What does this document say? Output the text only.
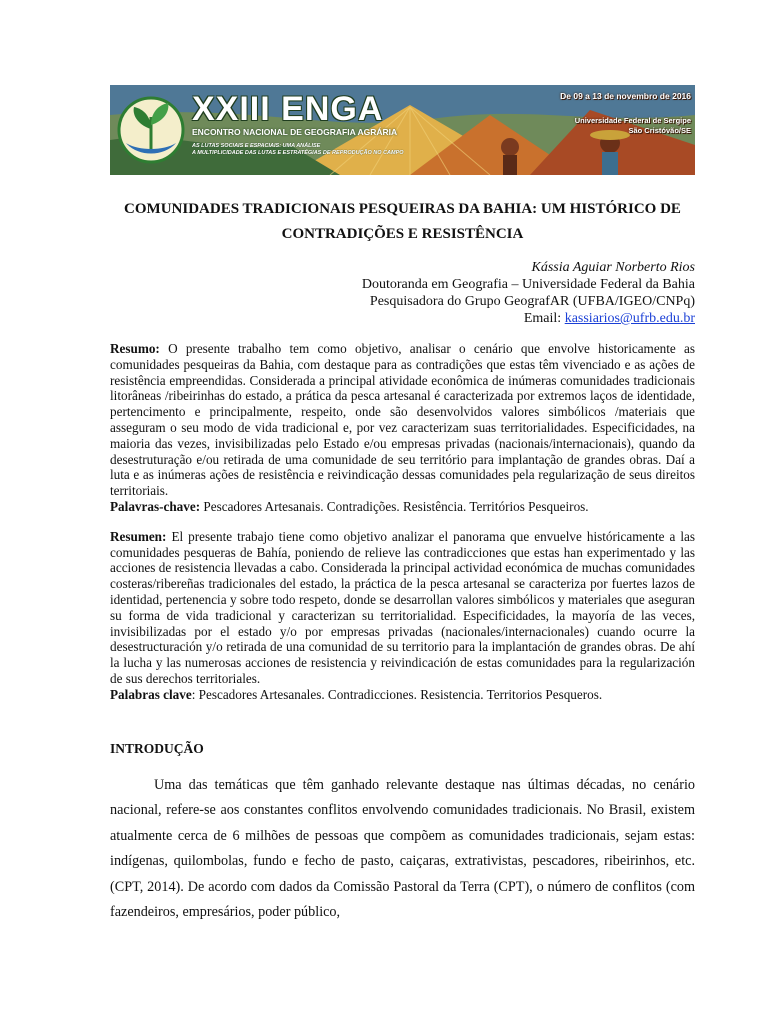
XXIII ENGA
ENCONTRO NACIONAL DE GEOGRAFIA AGRÁRIA
AS LUTAS SOCIAIS E ESPACIAIS: UMA ANÁLISE
A MULTIPLICIDADE DAS LUTAS E ESTRATÉGIAS DE REPRODUÇÃO NO CAMPO
De 09 a 13 de novembro de 2016
Universidade Federal de Sergipe
São Cristóvão/SE
COMUNIDADES TRADICIONAIS PESQUEIRAS DA BAHIA: UM HISTÓRICO DE
CONTRADIÇÕES E RESISTÊNCIA
Kássia Aguiar Norberto Rios
Doutoranda em Geografia – Universidade Federal da Bahia
Pesquisadora do Grupo GeografAR (UFBA/IGEO/CNPq)
Email: kassiarios@ufrb.edu.br

Resumo: O presente trabalho tem como objetivo, analisar o cenário que envolve historicamente as comunidades pesqueiras da Bahia, com destaque para as contradições que estas têm vivenciado e as ações de resistência empreendidas. Considerada a principal atividade econômica de inúmeras comunidades tradicionais litorâneas /ribeirinhas do estado, a prática da pesca artesanal é caracterizada por extremos laços de identidade, pertencimento e principalmente, respeito, onde são desenvolvidos valores simbólicos /materiais que asseguram o seu modo de vida tradicional e, por vez caracterizam suas territorialidades. Especificidades, na maioria das vezes, invisibilizadas pelo Estado e/ou empresas privadas (nacionais/internacionais), quando da desestruturação e/ou retirada de uma comunidade de seu território para implantação de grandes obras. Daí a luta e as inúmeras ações de resistência e reivindicação dessas comunidades pela regularização de seus direitos territoriais.

Palavras-chave: Pescadores Artesanais. Contradições. Resistência. Territórios Pesqueiros.

Resumen: El presente trabajo tiene como objetivo analizar el panorama que envuelve históricamente a las comunidades pesqueras de Bahía, poniendo de relieve las contradicciones que estas han experimentado y las acciones de resistencia llevadas a cabo. Considerada la principal actividad económica de muchas comunidades costeras/ribereñas tradicionales del estado, la práctica de la pesca artesanal se caracteriza por fuertes lazos de identidad, pertenencia y sobre todo respeto, donde se desarrollan valores simbólicos y materiales que aseguran su forma de vida tradicional y caracterizan su territorialidad. Especificidades, la mayoría de las veces, invisibilizadas por el estado y/o por empresas privadas (nacionales/internacionales) cuando ocurre la desestructuración y/o retirada de una comunidad de su territorio para la implantación de grandes obras. De ahí la lucha y las numerosas acciones de resistencia y reivindicación de estas comunidades para la regularización de sus derechos territoriales.

Palabras clave: Pescadores Artesanales. Contradicciones. Resistencia. Territorios Pesqueros.

INTRODUÇÃO
Uma das temáticas que têm ganhado relevante destaque nas últimas décadas, no cenário nacional, refere-se aos constantes conflitos envolvendo comunidades tradicionais. No Brasil, existem atualmente cerca de 6 milhões de pessoas que compõem as comunidades tradicionais, sejam estas: indígenas, quilombolas, fundo e fecho de pasto, caiçaras, extrativistas, pescadores, ribeirinhos, etc. (CPT, 2014). De acordo com dados da Comissão Pastoral da Terra (CPT), o número de conflitos (com fazendeiros, empresários, poder público,
